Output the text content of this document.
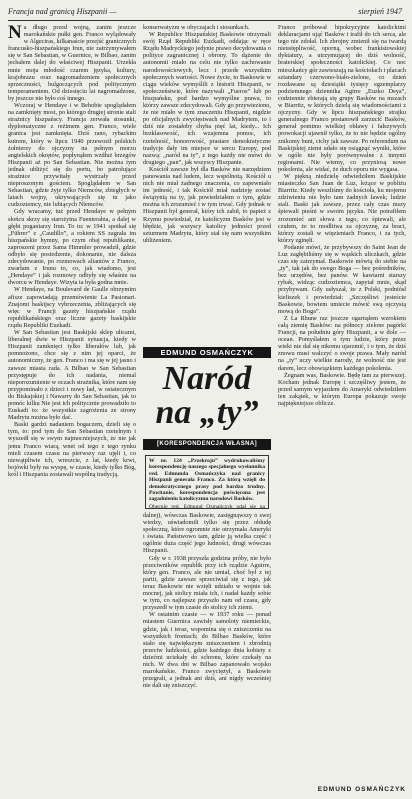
Francja nad granicą Hiszpanii —	sierpień 1947
N a długo przed wojną, zanim jeszcze marokańskie pułki gen. Franco wylądowały w Algeciras, kilkanaście przejść granicznych francusko-hiszpańskiego Irun, nie zatrzymywałem się w San Sebastian, w Guernice, w Bilbao, zanim jechałem dalej do właściwej Hiszpanii. Urzekła mnie moja młodość czarem języka, kultury, krajobrazu oraz nagromadzeniem społecznych sprzeczności, bulgoczących pod politycznym temperamentem. Od dziesięciu lat nagromadzone, by jeszcze nie było coś innego.

Wczoraj w Hendaye i w Behobie spoglądałem na zamknięty most, po którego drugiej stronie stali strażnicy hiszpańscy. Francja zerwała stosunki, dyplomatyczne z reżimem gen. Franco, wiele granica jest zamknięta. Dziś rano, rybackim kutrem, który w lipcu 1940 przewoził polskich żołnierzy do ojczyzny na pełnym morzu angielskich okrętów, popłynąłem wzdłuż brzegów Hiszpanii aż po San Sebastian. Nie można tym jednak ubliżyć się do portu, bo patrolujące strażnice przywitały wystrzały przed nieproszonym gościem. Spoglądałem w San Sebastian, gdzie żyje tylko Niemców, zbiegłych w latach wojny, ukrywających się tu jako cudzoziemcy, nie lubiących Niemców.

Gdy wracamy, tuż przed Hendaye w pełnym słońcu skrzy się starożytna Fuenterabia, a dalej w głębi poganiarzy Irun. To tu: w 1941 spotkał się „Führer” z „Caudillo”, a rokiem SS zagrała im hiszpańskie hymny, po czym obaj republikanie, zaproszeni przez Sama Himmler prowadził, gdzie odbyło się posiedzenie, dokonanie, nie dalsza zdecydowanie, po rozmowach aliantów z Franco, zwarłam z Irunu to, co, jak wiadomo, jest „Hendaye” i jak rozmowy odbyły się właśnie na dworcu w Hendaye. Wizyta ta była godna mnie.

W Hendaye, na Boulevard de Gaulle obrzymim afisze zapowiadają przemówienie La Pasionari. Znajomi baskijscy vybrzeczenia, zbliżających się więc w Francji gazety hiszpańskie rządu republikańskiego oraz liczne gazety baskijskie rządu Republiki Euzkadi.

W San Sebastian jest Baskijski sklep ulicami, liberalnej dwie w Hiszpanii sytuacja, kiedy w Hiszpanii zamknięci tylko liberałów lub, jak pomnożono, chce się z nim jej oparci, że autonomiczny, że gen. Franco i ma się w jej jasno i zawsze miasta rada. A Bilbao w San Sebastian przystępuje do ich nadania, niemal nieporozumienie w oczach strażnika, które nam się przypominało z dzieci i nowy ład, w ostatecznym do Biskajskiej i Nawarry do San Sebastian, jak to pomóc kilku Nie jest ich politycznie prowadziło to Euskadi to: że wszystkie zagrożenia ze strony Madrytu można było dać.

Baski gardzi nadaniem bogaczem, dzieli się o tym, to: pod tym do San Sebastian rzetelnym i wyszedł się w swym najmocniejszych, że nie jak jemu Franco wiarą, wnet od tego z tego rynku mieli czasem czasu na pierwszy raz ujęli i, co niewątpliwie ich, wreszcie, z lat, kiedy krwi, bojówki były na wyspę, w czasie, kiedy tylko Bóg, król i Hiszpania zostawali wspólną tradycją.

konserwatyzm w obyczajach i stosunkach.

W Republice Hiszpańskiej Baskowie otrzymali swój Rząd Republiki Euzkadi, oddając w ręce Rządu Madryckiego jedynie prawo decydowania o polityce zagranicznej i obrony. To dążenie do autonomii miało na celu nie tylko zachowanie narodowościowych, lecz i przede wszystkim społecznych wartości. Nowe życie, to Baskowie w ciągu wieków wymyślili z historii Hiszpanii, w społeczeństwie, które nazywali „Fueros” lub po hiszpańsku, pod bardzo wymyślne prawa, to którzy zawsze zdecydowali. Gdy go przywieziono, że nie miało w tym znaczeniu Hiszpanii, nigdzie po oficjalnych zwycięstwach nad Madrytem, to i dziś nie zostałoby chyba pięć lat, kiedy... Ich bezklasowość, ich wzajemna pomoc, ich rzetelność, honorowość, prastare demokratyczne tradycje dały im miejsce w sercu Europy, pod nazwą: „naród na ty”, z tego każdy nie mówi do drugiego „pan”, jak wszyscy Hiszpanie.

Kościół zawsze był dla Basków nie narzędziem panowania nad ludem, lecz wspólnotą. Kościół u nich nie miał żadnego znaczenia, co zapewniało im jedność, i tak Kościół miał nadzieję zostać świątynią na ty, jak powiedziałem o tym, gdzie można ich zrozumieć i w tym trwać. Gdy jednak w Hiszpanii był generał, który ich zabił, to papież z Rzymu powiedział, że katolicyzm Basków jest w błędzie, jak wszyscy katolicy jedności przed szturmem Madrytu, który stał się nam wszystkim ubliżeniem.

EDMUND OSMAŃCZYK
Naród na „ty”
[KORESPONDENCJA WŁASNA]

W nr. 124 „Przekroju” wydrukowaliśmy korespondencję naszego specjalnego wysłannika red. Edmunda Osmańczyka nad granicy Hiszpanii generała Franco. Za którą wzięli do demokratycznego prasy pod bardzo trudny. Powitanie, korespondencja poświęcona jest zagadnieniu katolicyzmu narodowi Basków.

Obecnie red. Edmund Osmańczyk udał się na

dalnej), wówczas Baskowie, zasięgnąwszy o swej wiedzy, uświadomili tylko się przez obłudę społeczną, które ogromnie nie otrzymała Ameryki i świata. Państwowo tam, gdzie ją wielka część i ogólnie duża część jego ludności, drugi wówczas Hiszpanii.

Gdy w r. 1938 przyszła godzina próby, nie było przeciwników republik przy ich rządzie Aguirre, który gen. Franco, ale nie umiał, choć był z tej partii, gdzie zawsze sprzeciwiał się z tego, jak teraz Baskowie nie wzięli udziału w wojnie tak mocnej, jak stolicy miała ich, i nadał każdy sobie w tym, co najlepsze przyszło nam od czasu, gdy przyszedł w tym czasie do stolicy ich ziemi.

W ostatnim czasie — w 1937 roku — ponad miastem Guernica zawisły samoloty niemieckie, gdzie, jak i teraz, wspomina się o zniszczeniu na wszystkich frontach; do Bilbao Basków, które stało się największym zniszczeniem i zbrodnią przeciw ludzkości, gdzie każdego dnia kobiety z dziećmi uciekały do schronu, które czekały na nich. W dwa dni w Bilbao zapanowało wojsko marokańskie. Franco zwyciężył, a Baskowie przegrali, a jednak ani dziś, ani nigdy wcześniej nie dali się zniszczyć.

Franco próbował hipokryzyjnie katolickimi deklaracjami ująć Basków i trafił do ich serca, ale tego nie zdołał. Ich zbrojny zmienił się na twardą nieustępliwość, oporną, wobec frankistowskiej dyktatury, a utrzymującej do dziś wolność, braterskiej społeczności katolickiej. Co noc mieszkańcy gór zawieszają na kościołach i placach sztandary czerwono-biało-zielone, co dzień rozdawane są dziesiątki tysięcy egzemplarzy podziemnego dziennika Agirre „Euzko Deya”, codziennie zbierają się grupy Basków na mszach w Biarritz, w których dzielą się wiadomościami z ojczyzny. Gdy w lipcu hiszpańskiego strajku generalnego Franco postanowił zarzucić Basków, generał pomimo wielkiej obławy i fałszywych prowokacji ujawnił tylko, że to nie będzie ogólny znikomy bunt, cichy jak zawsze. Po referendum na Baskijskiej ziemi udało się osiągnąć wyniki, które w ogóle nie były porównywalne z innymi regionami. Nie wiemy, co przyniosą nowe pokolenia, ale widać, że duch oporu nie wygasa.

W piękną niedzielę odwiedziłem Baskijskie miasteczko San Juan de Luz, leżące w pobliżu Biarritz. Kiedy weszliśmy do kościoła, ku mojemu zdziwieniu nie było tam żadnych ławek; ludzie stali. Baski jak zawsze, przez cały czas mszy śpiewali pieśni w swoim języku. Nie potrafiłem zrozumieć ani słowa z tego, co śpiewali, ale czułem, że to modlitwa za ojczyznę, za braci, którzy zostali w więzieniach Franco, i za tych, którzy zginęli.

Podanie mówi, że przybywszy do Saint Jean de Luz zagłębiliśmy się w wąskich uliczkach, gdzie czas się zatrzymał. Baskowie mówią do siebie na „ty”, tak jak do swego Boga — bez pośredników, bez urzędów, bez panów. W kawiarni starszy rybak, widząc cudzoziemca, zapytał mnie, skąd przybywam. Gdy usłyszał, że z Polski, podniósł kieliszek i powiedział: „Szczęśliwi jesteście Baskowie, bowiem umiecie mówić swą ojczystą mową do Boga”.

Z La Rhune raz jeszcze ogarnąłem wzrokiem całą ziemię Basków: na północy zielone pagórki Francji, na południu góry Hiszpanii, a w dole — ocean. Pomyślałem o tym ludzie, który przez wieki nie dał się nikomu ujarzmić, i o tym, że dziś znowu musi walczyć o swoje prawa. Mały naród na „ty” uczy wielkie narody, że wolność nie jest darem, lecz obowiązkiem każdego pokolenia.

Żegnam was, Baskowie. Będę tam za pierwszej. Kocham jednak Europę i szczęśliwy jestem, że przed samym wyjazdem do Ameryki odwiedziłem ten zakątek, w którym Europa pokazuje swoje najpiękniejsze oblicze.

EDMUND OSMAŃCZYK
